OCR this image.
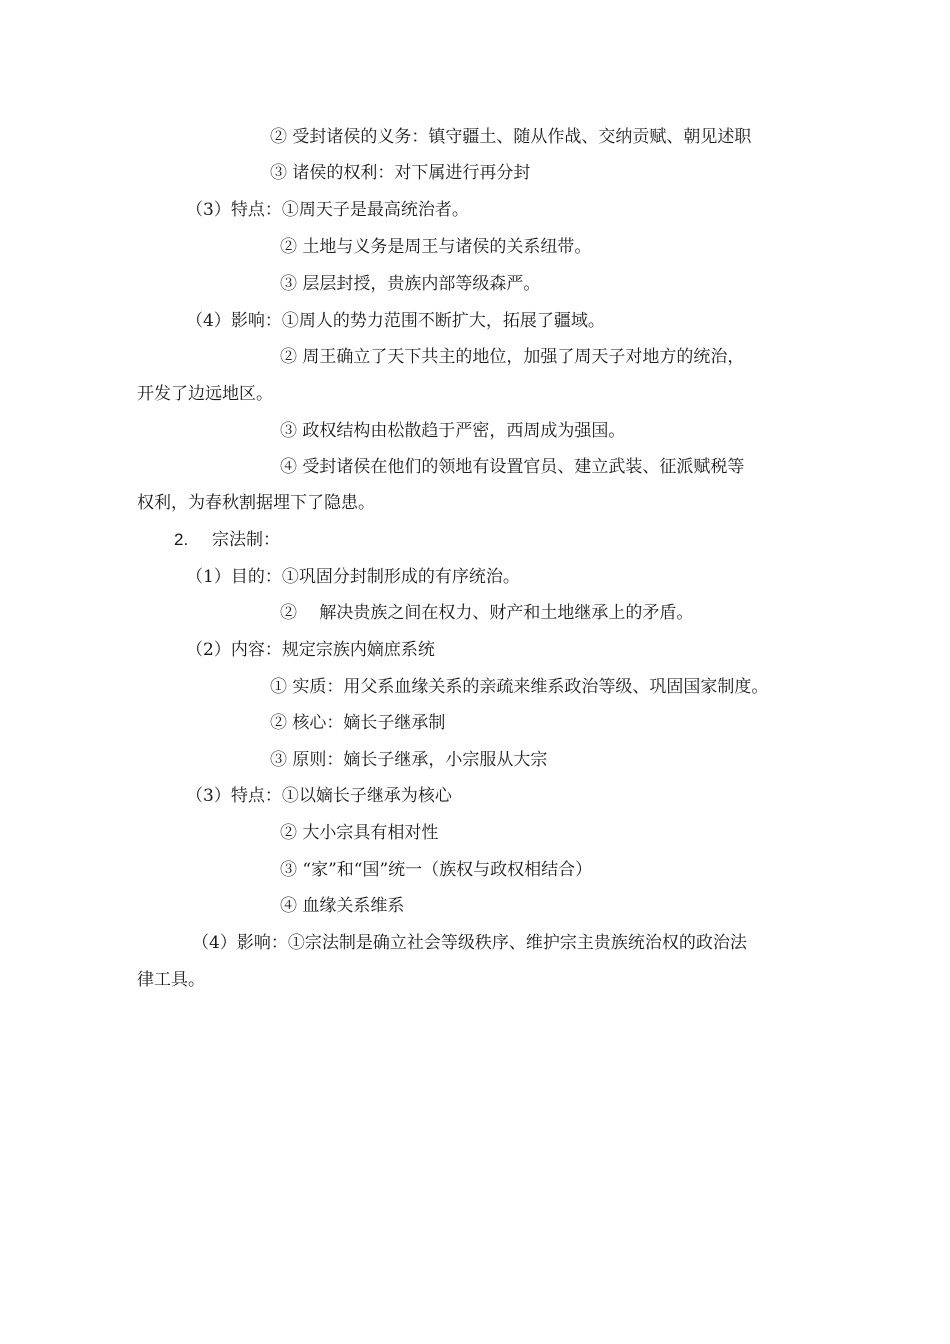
② 受封诸侯的义务：镇守疆土、随从作战、交纳贡赋、朝见述职
③ 诸侯的权利：对下属进行再分封
（3）特点：①周天子是最高统治者。
② 土地与义务是周王与诸侯的关系纽带。
③ 层层封授，贵族内部等级森严。
（4）影响：①周人的势力范围不断扩大，拓展了疆域。
② 周王确立了天下共主的地位，加强了周天子对地方的统治，
开发了边远地区。
③ 政权结构由松散趋于严密，西周成为强国。
④ 受封诸侯在他们的领地有设置官员、建立武装、征派赋税等
权利，为春秋割据埋下了隐患。
2. 宗法制：
（1）目的：①巩固分封制形成的有序统治。
②　 解决贵族之间在权力、财产和土地继承上的矛盾。
（2）内容：规定宗族内嫡庶系统
① 实质：用父系血缘关系的亲疏来维系政治等级、巩固国家制度。
② 核心：嫡长子继承制
③ 原则：嫡长子继承，小宗服从大宗
（3）特点：①以嫡长子继承为核心
② 大小宗具有相对性
③ “家”和“国”统一（族权与政权相结合）
④ 血缘关系维系
（4）影响：①宗法制是确立社会等级秩序、维护宗主贵族统治权的政治法
律工具。
